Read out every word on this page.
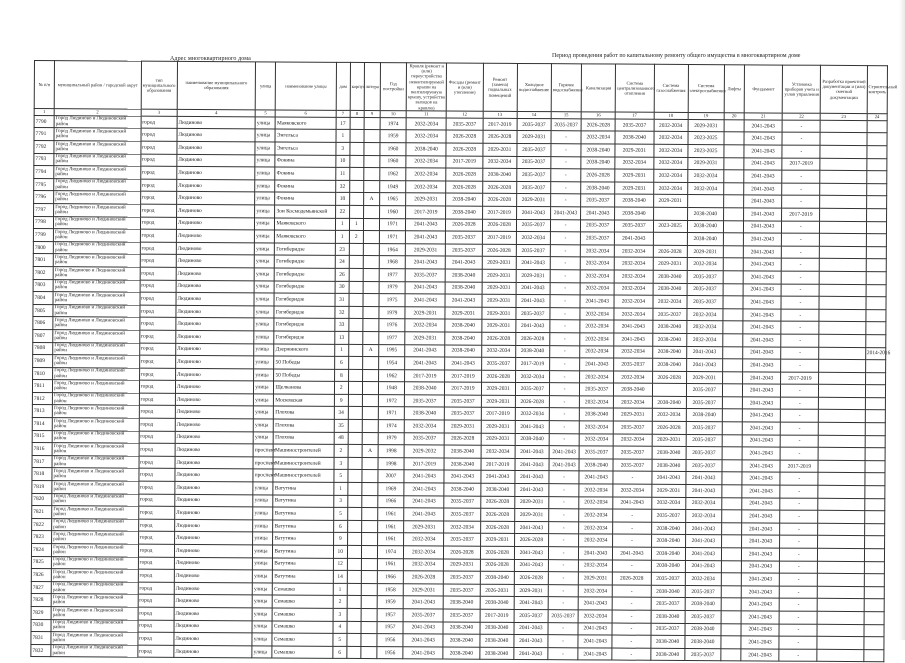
Адрес многоквартирного дома	Период проведения работ по капитальному ремонту общего имущества в многоквартирном доме
№ п/п	муниципальный район / городской округ	тип муниципального образования	наименование муниципального образования	улица	наименование улицы	дом	корпус	литера	Год постройки	Кровля (ремонт и (или) переустройство невентилируемой крыши на вентилируемую крышу, устройство выходов на кровлю)	Фасады (ремонт и (или) утепление)	Ремонт (замена) подвальных помещений	Холодное водоснабжение	Горячее водоснабжение	Канализация	Система централизованного отопления	Система газоснабжения	Система электроснабжения	Лифты	Фундамент	Установка приборов учета и узлов управления	Разработка проектной документации и (или) сметной документации	Строительный контроль
1	2	3	4	5	6	7	8	9	10	11	12	13	14	15	16	17	18	19	20	21	22	23	24
7790	Город Людиново и Людиновский район	город	Людиново	улица	Маяковского	17			1974	2032-2034	2035-2037	2017-2019	2035-2037	2035-2037	2026-2028	2035-2037	2032-2034	2029-2031		2041-2043	-		
7791	Город Людиново и Людиновский район	город	Людиново	улица	Энгельса	1			1959	2032-2034	2026-2028	2026-2028	2029-2031	-	2032-2034	2038-2040	2032-2034	2023-2025		2041-2043	-		
7792	Город Людиново и Людиновский район	город	Людиново	улица	Энгельса	3			1960	2038-2040	2026-2028	2029-2031	2035-2037	-	2038-2040	2029-2031	2032-2034	2023-2025		2041-2043	-		
7793	Город Людиново и Людиновский район	город	Людиново	улица	Фокина	10			1960	2032-2034	2017-2019	2032-2034	2035-2037	-	2038-2040	2032-2034	2032-2034	2029-2031		2041-2043	2017-2019		
7794	Город Людиново и Людиновский район	город	Людиново	улица	Фокина	11			1962	2032-2034	2026-2028	2038-2040	2035-2037	-	2026-2028	2029-2031	2032-2034	2032-2034		2041-2043	-		
7795	Город Людиново и Людиновский район	город	Людиново	улица	Фокина	32			1949	2032-2034	2026-2028	2026-2028	2035-2037	-	2038-2040	2029-2031	2032-2034	2032-2034		2041-2043	-		
7796	Город Людиново и Людиновский район	город	Людиново	улица	Фокина	18		А	1965	2029-2031	2038-2040	2026-2028	2029-2031	-	2035-2037	2038-2040	2029-2031			2041-2043	-		
7797	Город Людиново и Людиновский район	город	Людиново	улица	Зои Космодемьянской	22			1960	2017-2019	2038-2040	2017-2019	2041-2043	2041-2043	2041-2043	2038-2040		2038-2040		2041-2043	2017-2019		
7798	Город Людиново и Людиновский район	город	Людиново	улица	Маяковского	1	1		1971	2041-2043	2026-2028	2026-2028	2035-2037	-	2035-2037	2035-2037	2023-2025	2038-2040		2041-2043	-		
7799	Город Людиново и Людиновский район	город	Людиново	улица	Маяковского	1	2		1971	2041-2043	2035-2037	2017-2019	2032-2034	-	2035-2037	2041-2043		2038-2040		2041-2043	-		
7800	Город Людиново и Людиновский район	город	Людиново	улица	Гогиберидзе	23			1964	2029-2031	2035-2037	2026-2028	2035-2037	-	2032-2034	2032-2034	2026-2028	2029-2031		2041-2043	-		
7801	Город Людиново и Людиновский район	город	Людиново	улица	Гогиберидзе	24			1968	2041-2043	2041-2043	2029-2031	2041-2043	-	2032-2034	2032-2034	2029-2031	2032-2034		2041-2043	-		
7802	Город Людиново и Людиновский район	город	Людиново	улица	Гогиберидзе	26			1977	2035-2037	2038-2040	2029-2031	2029-2031	-	2032-2034	2032-2034	2038-2040	2035-2037		2041-2043	-		
7803	Город Людиново и Людиновский район	город	Людиново	улица	Гогиберидзе	30			1979	2041-2043	2038-2040	2029-2031	2041-2043	-	2032-2034	2032-2034	2038-2040	2035-2037		2041-2043	-		
7804	Город Людиново и Людиновский район	город	Людиново	улица	Гогиберидзе	31			1975	2041-2043	2041-2043	2029-2031	2041-2043	-	2041-2043	2032-2034	2032-2034	2035-2037		2041-2043	-		
7805	Город Людиново и Людиновский район	город	Людиново	улица	Гогиберидзе	32			1979	2029-2031	2029-2031	2029-2031	2035-2037	-	2032-2034	2032-2034	2035-2037	2032-2034		2041-2043	-		
7806	Город Людиново и Людиновский район	город	Людиново	улица	Гогиберидзе	33			1976	2032-2034	2038-2040	2029-2031	2041-2043	-	2032-2034	2041-2043	2038-2040	2032-2034		2041-2043	-		
7807	Город Людиново и Людиновский район	город	Людиново	улица	Гогиберидзе	13			1977	2029-2031	2038-2040	2026-2028	2026-2028	-	2032-2034	2041-2043	2038-2040	2032-2034		2041-2043	-		
7808	Город Людиново и Людиновский район	город	Людиново	улица	Дзержинского	1		А	1995	2041-2043	2038-2040	2032-2034	2038-2040	-	2032-2034	2032-2034	2038-2040	2041-2043		2041-2043	-		2014-2016
7809	Город Людиново и Людиновский район	город	Людиново	улица	50 Победы	6			1954	2041-2043	2041-2043	2035-2037	2017-2019	-	2041-2043	2035-2037	2038-2040	2041-2043		2041-2043	-		
7810	Город Людиново и Людиновский район	город	Людиново	улица	50 Победы	8			1962	2017-2019	2017-2019	2026-2028	2032-2034	-	2032-2034	2032-2034	2026-2028	2029-2031		2041-2043	2017-2019		
7811	Город Людиново и Людиновский район	город	Людиново	улица	Щелканова	2			1948	2038-2040	2017-2019	2029-2031	2035-2037	-	2035-2037	2038-2040		2035-2037		2041-2043	-		
7812	Город Людиново и Людиновский район	город	Людиново	улица	Московская	9			1972	2035-2037	2035-2037	2029-2031	2026-2028	-	2032-2034	2032-2034	2038-2040	2035-2037		2041-2043	-		
7813	Город Людиново и Людиновский район	город	Людиново	улица	Плохова	34			1971	2038-2040	2035-2037	2017-2019	2032-2034	-	2038-2040	2029-2031	2032-2034	2038-2040		2041-2043	-		
7814	Город Людиново и Людиновский район	город	Людиново	улица	Плохова	35			1974	2032-2034	2029-2031	2029-2031	2041-2043	-	2032-2034	2035-2037	2026-2028	2035-2037		2041-2043	-		
7815	Город Людиново и Людиновский район	город	Людиново	улица	Плохова	48			1979	2035-2037	2026-2028	2029-2031	2038-2040	-	2032-2034	2032-2034	2029-2031	2035-2037		2041-2043	-		
7816	Город Людиново и Людиновский район	город	Людиново	проспект	Машиностроителей	2		А	1998	2029-2032	2038-2040	2032-2034	2041-2043	2041-2043	2035-2037	2035-2037	2038-2040	2035-2037		2041-2043	-		
7817	Город Людиново и Людиновский район	город	Людиново	проспект	Машиностроителей	3			1998	2017-2019	2038-2040	2017-2019	2041-2043	2041-2043	2038-2040	2035-2037	2038-2040	2035-2037		2041-2043	2017-2019		
7818	Город Людиново и Людиновский район	город	Людиново	проспект	Машиностроителей	5			2007	2041-2043	2041-2043	2041-2043	2041-2043	-	2041-2043	-	2041-2043	2041-2043		2041-2043	-		
7819	Город Людиново и Людиновский район	город	Людиново	улица	Ватутина	1			1969	2041-2043	2038-2040	2038-2040	2041-2043	-	2032-2034	2032-2034	2029-2031	2041-2043		2041-2043	-		
7820	Город Людиново и Людиновский район	город	Людиново	улица	Ватутина	3			1966	2041-2043	2035-2037	2026-2028	2029-2031	-	2032-2034	2041-2043	2032-2034	2032-2034		2041-2043	-		
7821	Город Людиново и Людиновский район	город	Людиново	улица	Ватутина	5			1961	2041-2043	2035-2037	2026-2028	2029-2031	-	2032-2034	-	2035-2037	2032-2034		2041-2043	-		
7822	Город Людиново и Людиновский район	город	Людиново	улица	Ватутина	6			1961	2029-2031	2032-2034	2026-2028	2041-2043	-	2032-2034	-	2038-2040	2041-2043		2041-2043	-		
7823	Город Людиново и Людиновский район	город	Людиново	улица	Ватутина	9			1961	2032-2034	2035-2037	2029-2031	2026-2028	-	2032-2034	-	2038-2040	2041-2043		2041-2043	-		
7824	Город Людиново и Людиновский район	город	Людиново	улица	Ватутина	10			1974	2032-2034	2026-2028	2026-2028	2041-2043	-	2041-2043	2041-2043	2038-2040	2041-2043		2041-2043	-		
7825	Город Людиново и Людиновский район	город	Людиново	улица	Ватутина	12			1961	2032-2034	2029-2031	2026-2028	2041-2043	-	2032-2034	-	2038-2040	2041-2043		2041-2043	-		
7826	Город Людиново и Людиновский район	город	Людиново	улица	Ватутина	14			1966	2026-2028	2035-2037	2038-2040	2026-2028	-	2029-2031	2026-2028	2035-2037	2032-2034		2041-2043	-		
7827	Город Людиново и Людиновский район	город	Людиново	улица	Семашко	1			1958	2029-2031	2035-2037	2026-2031	2029-2031	-	2032-2034	-	2038-2040	2035-2037		2041-2043	-		
7828	Город Людиново и Людиновский район	город	Людиново	улица	Семашко	2			1959	2041-2043	2038-2040	2038-2040	2041-2043	-	2041-2043	-	2035-2037	2038-2040		2041-2043	-		
7829	Город Людиново и Людиновский район	город	Людиново	улица	Семашко	3			1957	2035-2037	2035-2037	2017-2019	2035-2037	2035-2037	2032-2034	-	2038-2040	2035-2037		2041-2043	-		
7830	Город Людиново и Людиновский район	город	Людиново	улица	Семашко	4			1957	2041-2043	2038-2040	2038-2040	2041-2043	-	2041-2043	-	2035-2037	2038-2040		2041-2043	-		
7831	Город Людиново и Людиновский район	город	Людиново	улица	Семашко	5			1956	2041-2043	2038-2040	2038-2040	2041-2043	-	2041-2043	-	2038-2040	2038-2040		2041-2043	-		
7832	Город Людиново и Людиновский район	город	Людиново	улица	Семашко	6			1956	2041-2043	2038-2040	2038-2040	2041-2043	-	2041-2043	-	2038-2040	2035-2037		2041-2043	-		
